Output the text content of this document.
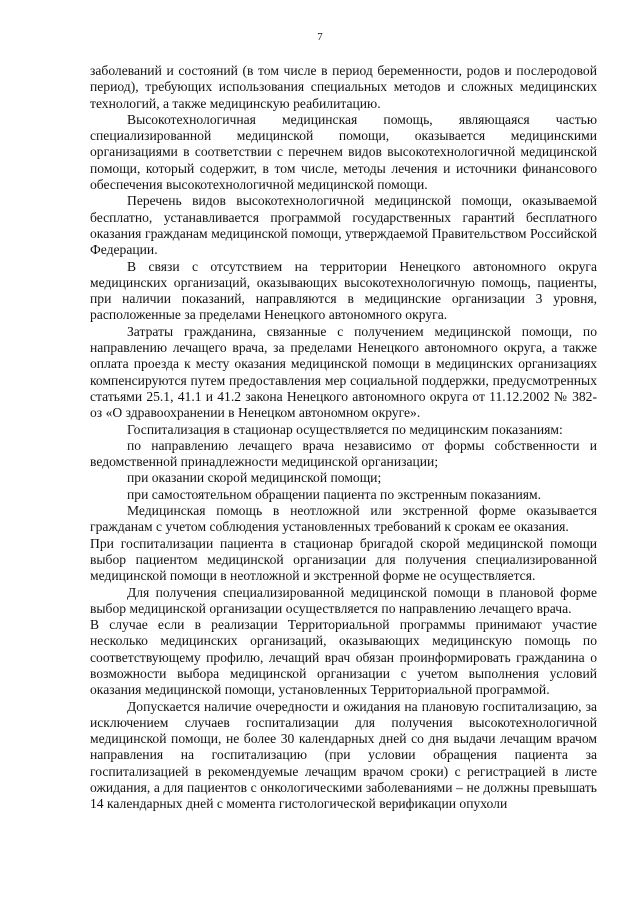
7

заболеваний и состояний (в том числе в период беременности, родов и послеродовой период), требующих использования специальных методов и сложных медицинских технологий, а также медицинскую реабилитацию.

Высокотехнологичная медицинская помощь, являющаяся частью специализированной медицинской помощи, оказывается медицинскими организациями в соответствии с перечнем видов высокотехнологичной медицинской помощи, который содержит, в том числе, методы лечения и источники финансового обеспечения высокотехнологичной медицинской помощи.

Перечень видов высокотехнологичной медицинской помощи, оказываемой бесплатно, устанавливается программой государственных гарантий бесплатного оказания гражданам медицинской помощи, утверждаемой Правительством Российской Федерации.

В связи с отсутствием на территории Ненецкого автономного округа медицинских организаций, оказывающих высокотехнологичную помощь, пациенты, при наличии показаний, направляются в медицинские организации 3 уровня, расположенные за пределами Ненецкого автономного округа.

Затраты гражданина, связанные с получением медицинской помощи, по направлению лечащего врача, за пределами Ненецкого автономного округа, а также оплата проезда к месту оказания медицинской помощи в медицинских организациях компенсируются путем предоставления мер социальной поддержки, предусмотренных статьями 25.1, 41.1 и 41.2 закона Ненецкого автономного округа от 11.12.2002 № 382-оз «О здравоохранении в Ненецком автономном округе».

Госпитализация в стационар осуществляется по медицинским показаниям:

по направлению лечащего врача независимо от формы собственности и ведомственной принадлежности медицинской организации;

при оказании скорой медицинской помощи;

при самостоятельном обращении пациента по экстренным показаниям.

Медицинская помощь в неотложной или экстренной форме оказывается гражданам с учетом соблюдения установленных требований к срокам ее оказания.

При госпитализации пациента в стационар бригадой скорой медицинской помощи выбор пациентом медицинской организации для получения специализированной медицинской помощи в неотложной и экстренной форме не осуществляется.

Для получения специализированной медицинской помощи в плановой форме выбор медицинской организации осуществляется по направлению лечащего врача.

В случае если в реализации Территориальной программы принимают участие несколько медицинских организаций, оказывающих медицинскую помощь по соответствующему профилю, лечащий врач обязан проинформировать гражданина о возможности выбора медицинской организации с учетом выполнения условий оказания медицинской помощи, установленных Территориальной программой.

Допускается наличие очередности и ожидания на плановую госпитализацию, за исключением случаев госпитализации для получения высокотехнологичной медицинской помощи, не более 30 календарных дней со дня выдачи лечащим врачом направления на госпитализацию (при условии обращения пациента за госпитализацией в рекомендуемые лечащим врачом сроки) с регистрацией в листе ожидания, а для пациентов с онкологическими заболеваниями – не должны превышать 14 календарных дней с момента гистологической верификации опухоли
